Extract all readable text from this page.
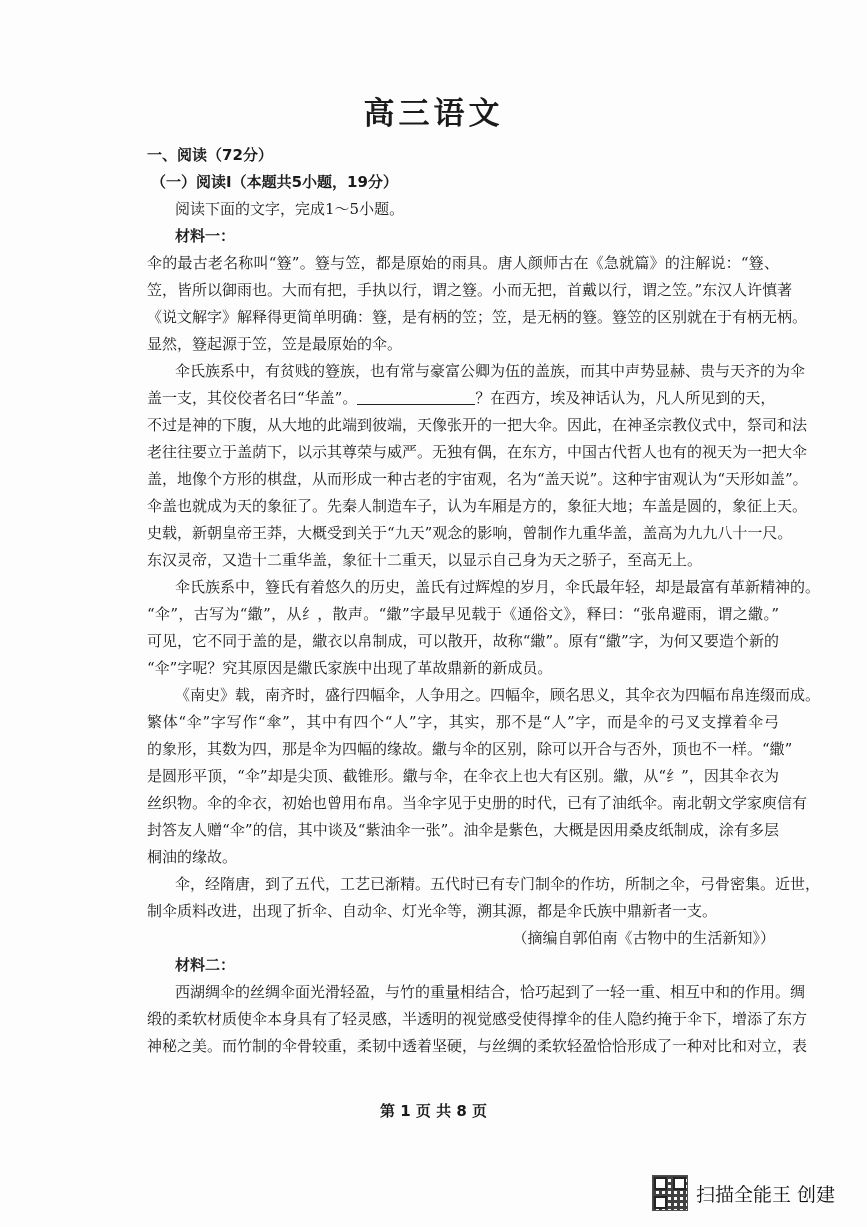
高三语文
一、阅读（72分）
（一）阅读I（本题共5小题，19分）
阅读下面的文字，完成1～5小题。
材料一：
伞的最古老名称叫“簦”。簦与笠，都是原始的雨具。唐人颜师古在《急就篇》的注解说：“簦、
笠，皆所以御雨也。大而有把，手执以行，谓之簦。小而无把，首戴以行，谓之笠。”东汉人许慎著
《说文解字》解释得更简单明确：簦，是有柄的笠；笠，是无柄的簦。簦笠的区别就在于有柄无柄。
显然，簦起源于笠，笠是最原始的伞。
伞氏族系中，有贫贱的簦族，也有常与豪富公卿为伍的盖族，而其中声势显赫、贵与天齐的为伞
盖一支，其佼佼者名曰“华盖”。	？在西方，埃及神话认为，凡人所见到的天，
不过是神的下腹，从大地的此端到彼端，天像张开的一把大伞。因此，在神圣宗教仪式中，祭司和法
老往往要立于盖荫下，以示其尊荣与威严。无独有偶，在东方，中国古代哲人也有的视天为一把大伞
盖，地像个方形的棋盘，从而形成一种古老的宇宙观，名为“盖天说”。这种宇宙观认为“天形如盖”。
伞盖也就成为天的象征了。先秦人制造车子，认为车厢是方的，象征大地；车盖是圆的，象征上天。
史载，新朝皇帝王莽，大概受到关于“九天”观念的影响，曾制作九重华盖，盖高为九九八十一尺。
东汉灵帝，又造十二重华盖，象征十二重天，以显示自己身为天之骄子，至高无上。
伞氏族系中，簦氏有着悠久的历史，盖氏有过辉煌的岁月，伞氏最年轻，却是最富有革新精神的。
“伞”，古写为“繖”，从纟，散声。“繖”字最早见载于《通俗文》，释曰：“张帛避雨，谓之繖。”
可见，它不同于盖的是，繖衣以帛制成，可以散开，故称“繖”。原有“繖”字，为何又要造个新的
“伞”字呢？究其原因是繖氏家族中出现了革故鼎新的新成员。
《南史》载，南齐时，盛行四幅伞，人争用之。四幅伞，顾名思义，其伞衣为四幅布帛连缀而成。
繁体“伞”字写作“傘”，其中有四个“人”字，其实，那不是“人”字，而是伞的弓叉支撑着伞弓
的象形，其数为四，那是伞为四幅的缘故。繖与伞的区别，除可以开合与否外，顶也不一样。“繖”
是圆形平顶，“伞”却是尖顶、截锥形。繖与伞，在伞衣上也大有区别。繖，从“纟”，因其伞衣为
丝织物。伞的伞衣，初始也曾用布帛。当伞字见于史册的时代，已有了油纸伞。南北朝文学家庾信有
封答友人赠“伞”的信，其中谈及“紫油伞一张”。油伞是紫色，大概是因用桑皮纸制成，涂有多层
桐油的缘故。
伞，经隋唐，到了五代，工艺已渐精。五代时已有专门制伞的作坊，所制之伞，弓骨密集。近世，
制伞质料改进，出现了折伞、自动伞、灯光伞等，溯其源，都是伞氏族中鼎新者一支。
（摘编自郭伯南《古物中的生活新知》）
材料二：
西湖绸伞的丝绸伞面光滑轻盈，与竹的重量相结合，恰巧起到了一轻一重、相互中和的作用。绸
缎的柔软材质使伞本身具有了轻灵感，半透明的视觉感受使得撑伞的佳人隐约掩于伞下，增添了东方
神秘之美。而竹制的伞骨较重，柔韧中透着坚硬，与丝绸的柔软轻盈恰恰形成了一种对比和对立，表
第 1 页 共 8 页
扫描全能王 创建
